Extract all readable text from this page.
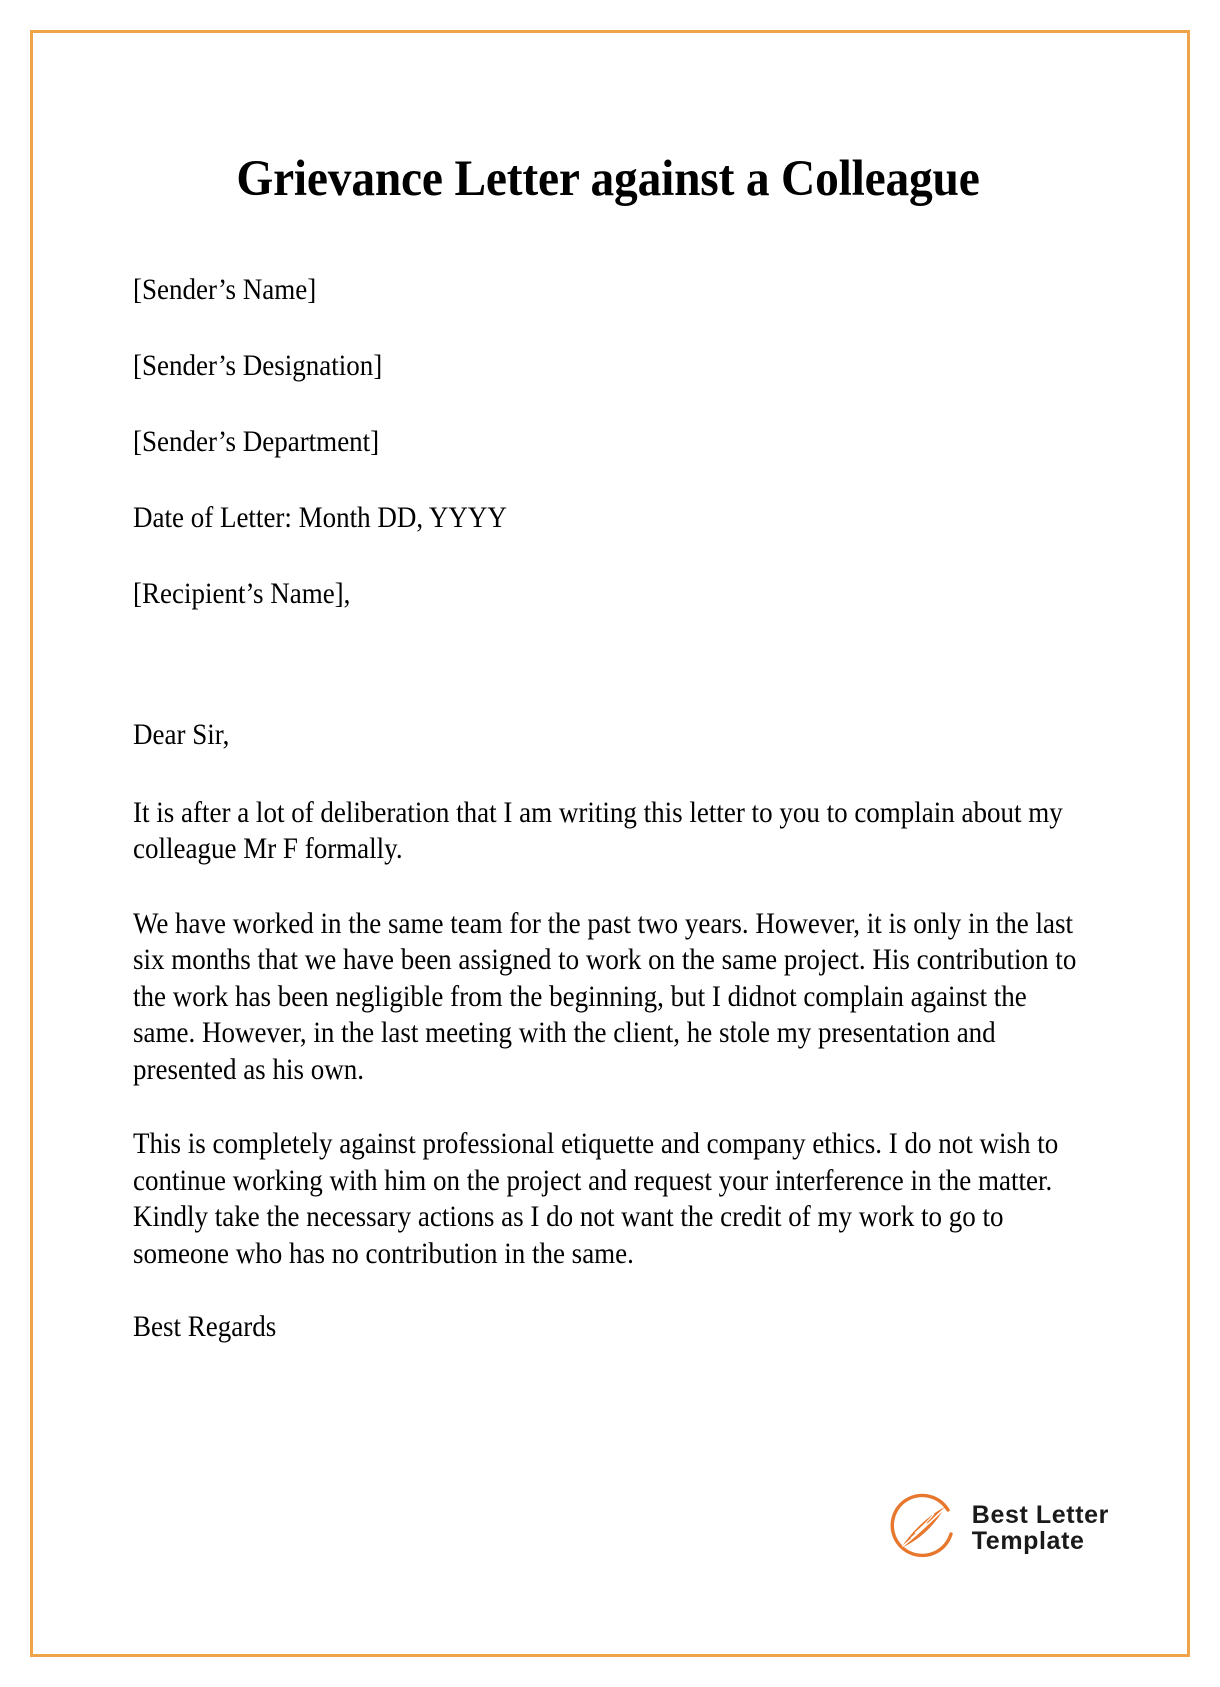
Grievance Letter against a Colleague

[Sender’s Name]

[Sender’s Designation]

[Sender’s Department]

Date of Letter: Month DD, YYYY

[Recipient’s Name],

Dear Sir,

It is after a lot of deliberation that I am writing this letter to you to complain about my colleague Mr F formally.

We have worked in the same team for the past two years. However, it is only in the last six months that we have been assigned to work on the same project. His contribution to the work has been negligible from the beginning, but I didnot complain against the same. However, in the last meeting with the client, he stole my presentation and presented as his own.

This is completely against professional etiquette and company ethics. I do not wish to continue working with him on the project and request your interference in the matter. Kindly take the necessary actions as I do not want the credit of my work to go to someone who has no contribution in the same.

Best Regards

Best Letter
Template
